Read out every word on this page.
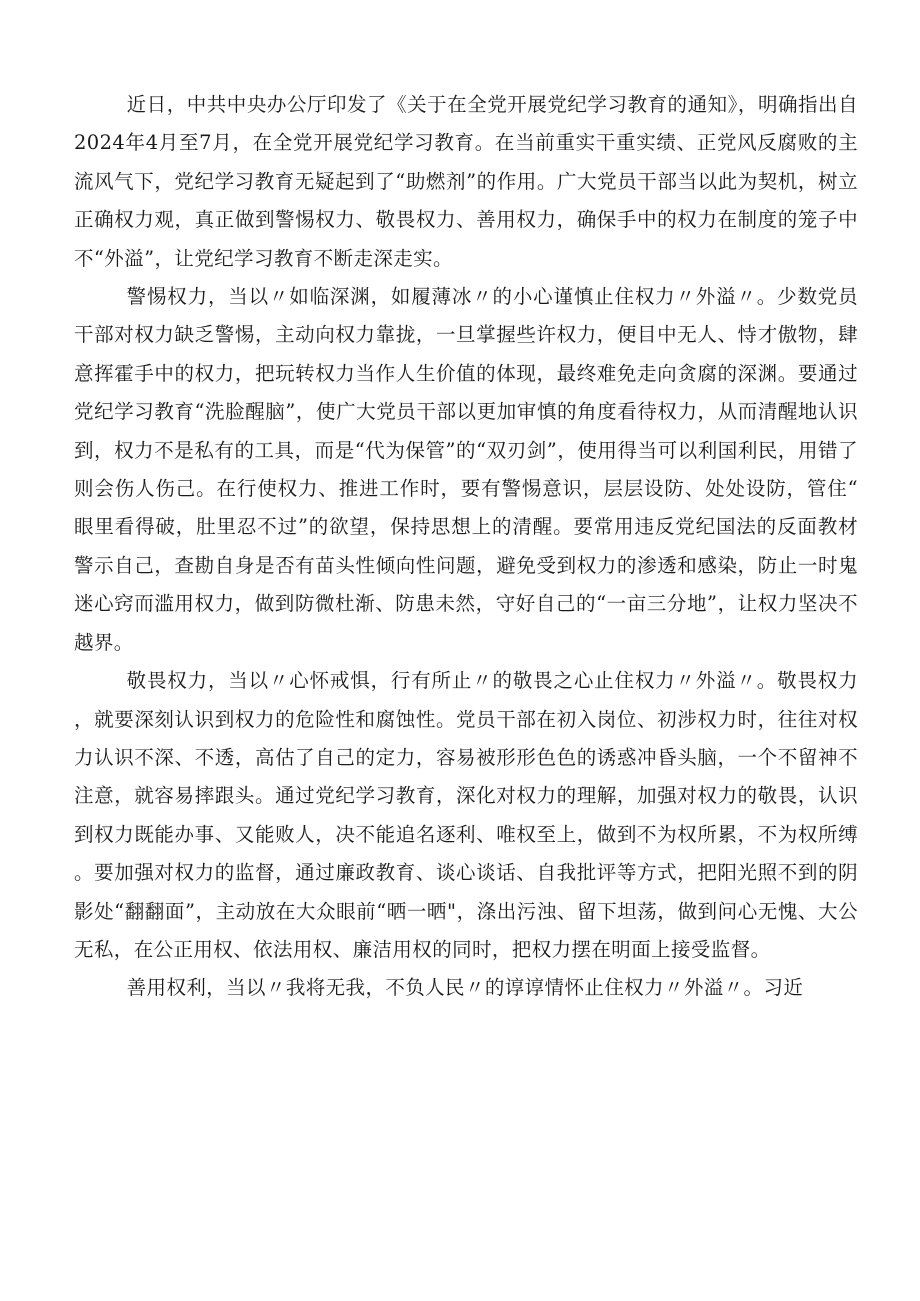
近日，中共中央办公厅印发了《关于在全党开展党纪学习教育的通知》，明确指出自2024年4月至7月，在全党开展党纪学习教育。在当前重实干重实绩、正党风反腐败的主流风气下，党纪学习教育无疑起到了“助燃剂”的作用。广大党员干部当以此为契机，树立正确权力观，真正做到警惕权力、敬畏权力、善用权力，确保手中的权力在制度的笼子中不“外溢”，让党纪学习教育不断走深走实。

警惕权力，当以〃如临深渊，如履薄冰〃的小心谨慎止住权力〃外溢〃。少数党员干部对权力缺乏警惕，主动向权力靠拢，一旦掌握些许权力，便目中无人、恃才傲物，肆意挥霍手中的权力，把玩转权力当作人生价值的体现，最终难免走向贪腐的深渊。要通过党纪学习教育“洗脸醒脑”，使广大党员干部以更加审慎的角度看待权力，从而清醒地认识到，权力不是私有的工具，而是“代为保管”的“双刃剑”，使用得当可以利国利民，用错了则会伤人伤己。在行使权力、推进工作时，要有警惕意识，层层设防、处处设防，管住“眼里看得破，肚里忍不过”的欲望，保持思想上的清醒。要常用违反党纪国法的反面教材警示自己，查勘自身是否有苗头性倾向性问题，避免受到权力的渗透和感染，防止一时鬼迷心窍而滥用权力，做到防微杜渐、防患未然，守好自己的“一亩三分地”，让权力坚决不越界。

敬畏权力，当以〃心怀戒惧，行有所止〃的敬畏之心止住权力〃外溢〃。敬畏权力，就要深刻认识到权力的危险性和腐蚀性。党员干部在初入岗位、初涉权力时，往往对权力认识不深、不透，高估了自己的定力，容易被形形色色的诱惑冲昏头脑，一个不留神不注意，就容易摔跟头。通过党纪学习教育，深化对权力的理解，加强对权力的敬畏，认识到权力既能办事、又能败人，决不能追名逐利、唯权至上，做到不为权所累，不为权所缚。要加强对权力的监督，通过廉政教育、谈心谈话、自我批评等方式，把阳光照不到的阴影处“翻翻面”，主动放在大众眼前“晒一晒"，涤出污浊、留下坦荡，做到问心无愧、大公无私，在公正用权、依法用权、廉洁用权的同时，把权力摆在明面上接受监督。

善用权利，当以〃我将无我，不负人民〃的谆谆情怀止住权力〃外溢〃。习近
